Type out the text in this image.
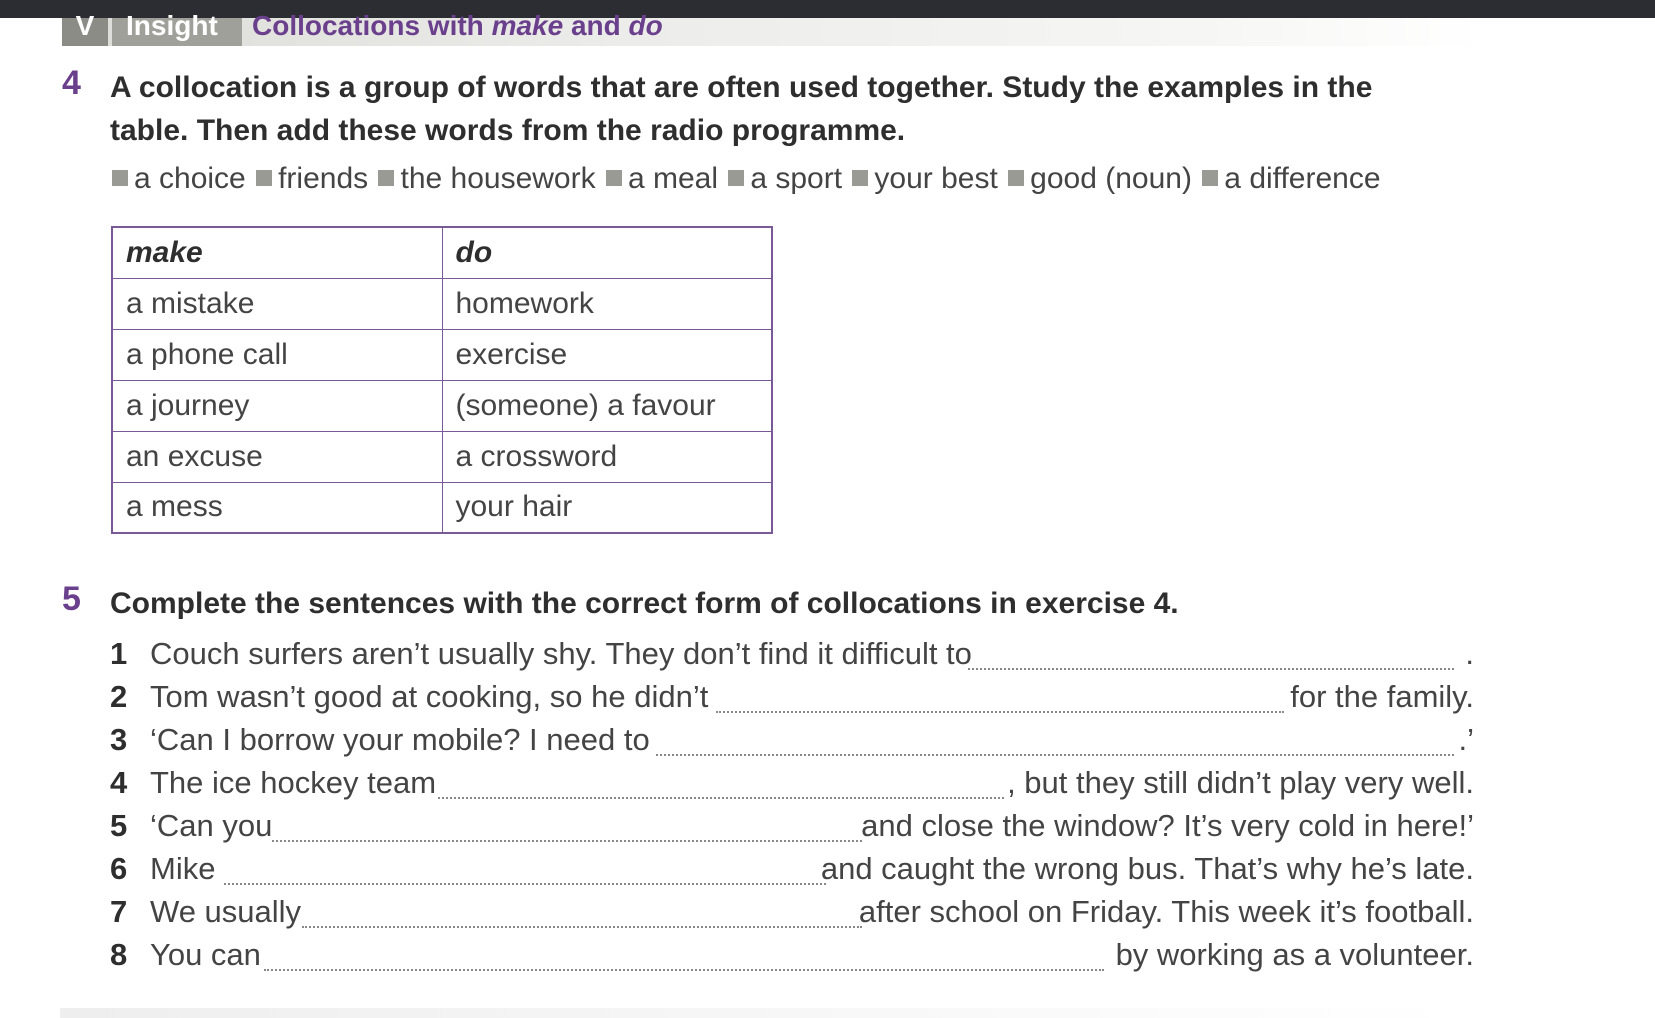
V	Insight Collocations with make and do
4 A collocation is a group of words that are often used together. Study the examples in the
table. Then add these words from the radio programme.
a choice friends the housework a meal a sport your best good (noun) a difference
make	do
a mistake	homework
a phone call	exercise
a journey	(someone) a favour
an excuse	a crossword
a mess	your hair
5 Complete the sentences with the correct form of collocations in exercise 4.
1 Couch surfers aren’t usually shy. They don’t find it difficult to	.
2 Tom wasn’t good at cooking, so he didn’t	for the family.
3 ‘Can I borrow your mobile? I need to	.’
4 The ice hockey team	, but they still didn’t play very well.
5 ‘Can you	and close the window? It’s very cold in here!’
6 Mike	and caught the wrong bus. That’s why he’s late.
7 We usually	after school on Friday. This week it’s football.
8 You can	by working as a volunteer.
